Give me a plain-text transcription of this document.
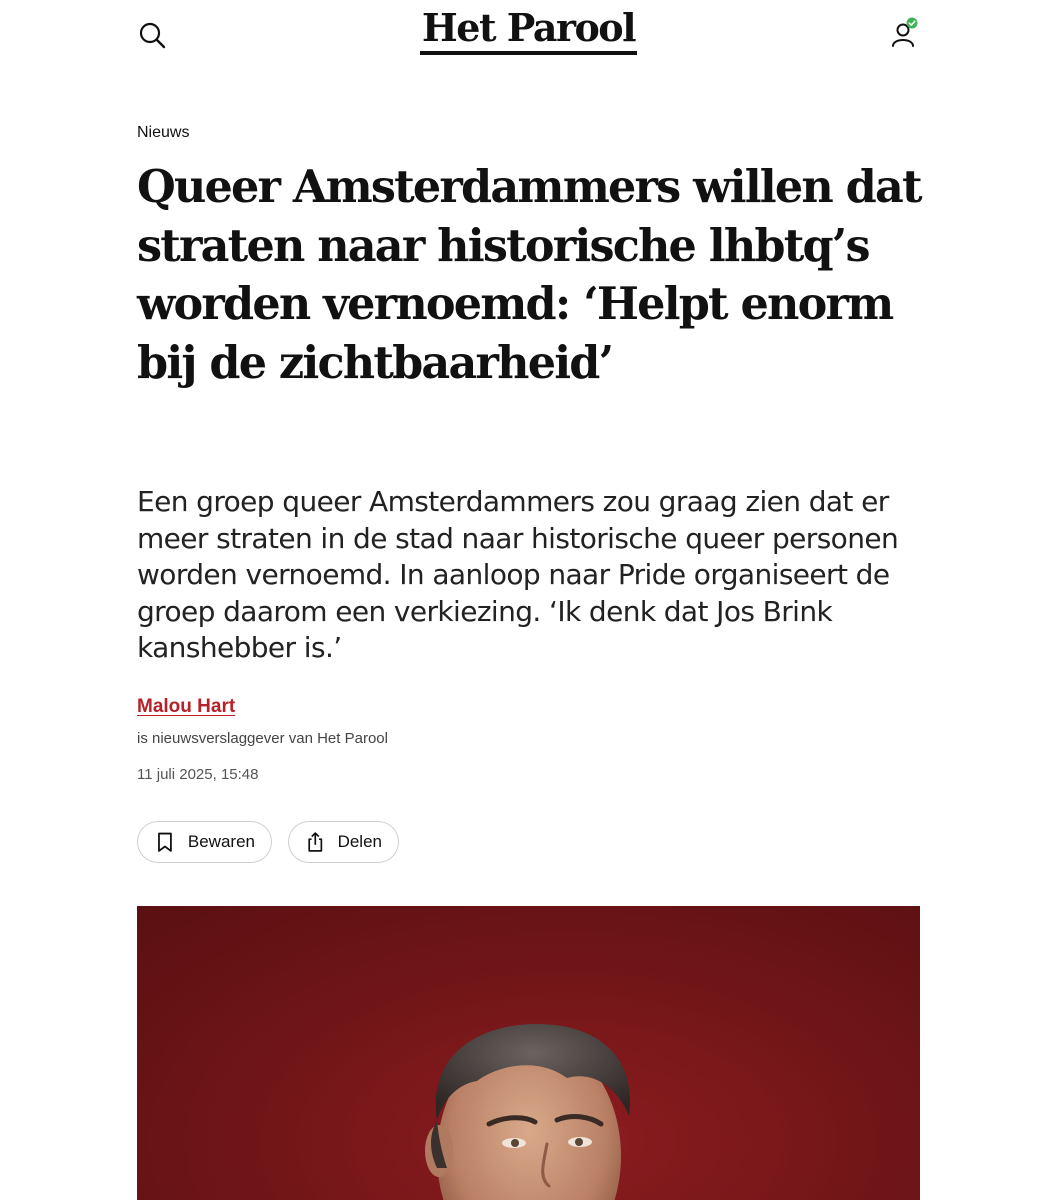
Het Parool
Nieuws
Queer Amsterdammers willen dat straten naar historische lhbtq’s worden vernoemd: ‘Helpt enorm bij de zichtbaarheid’

Een groep queer Amsterdammers zou graag zien dat er meer straten in de stad naar historische queer personen worden vernoemd. In aanloop naar Pride organiseert de groep daarom een verkiezing. ‘Ik denk dat Jos Brink kanshebber is.’

Malou Hart
is nieuwsverslaggever van Het Parool
11 juli 2025, 15:48
Bewaren	Delen
